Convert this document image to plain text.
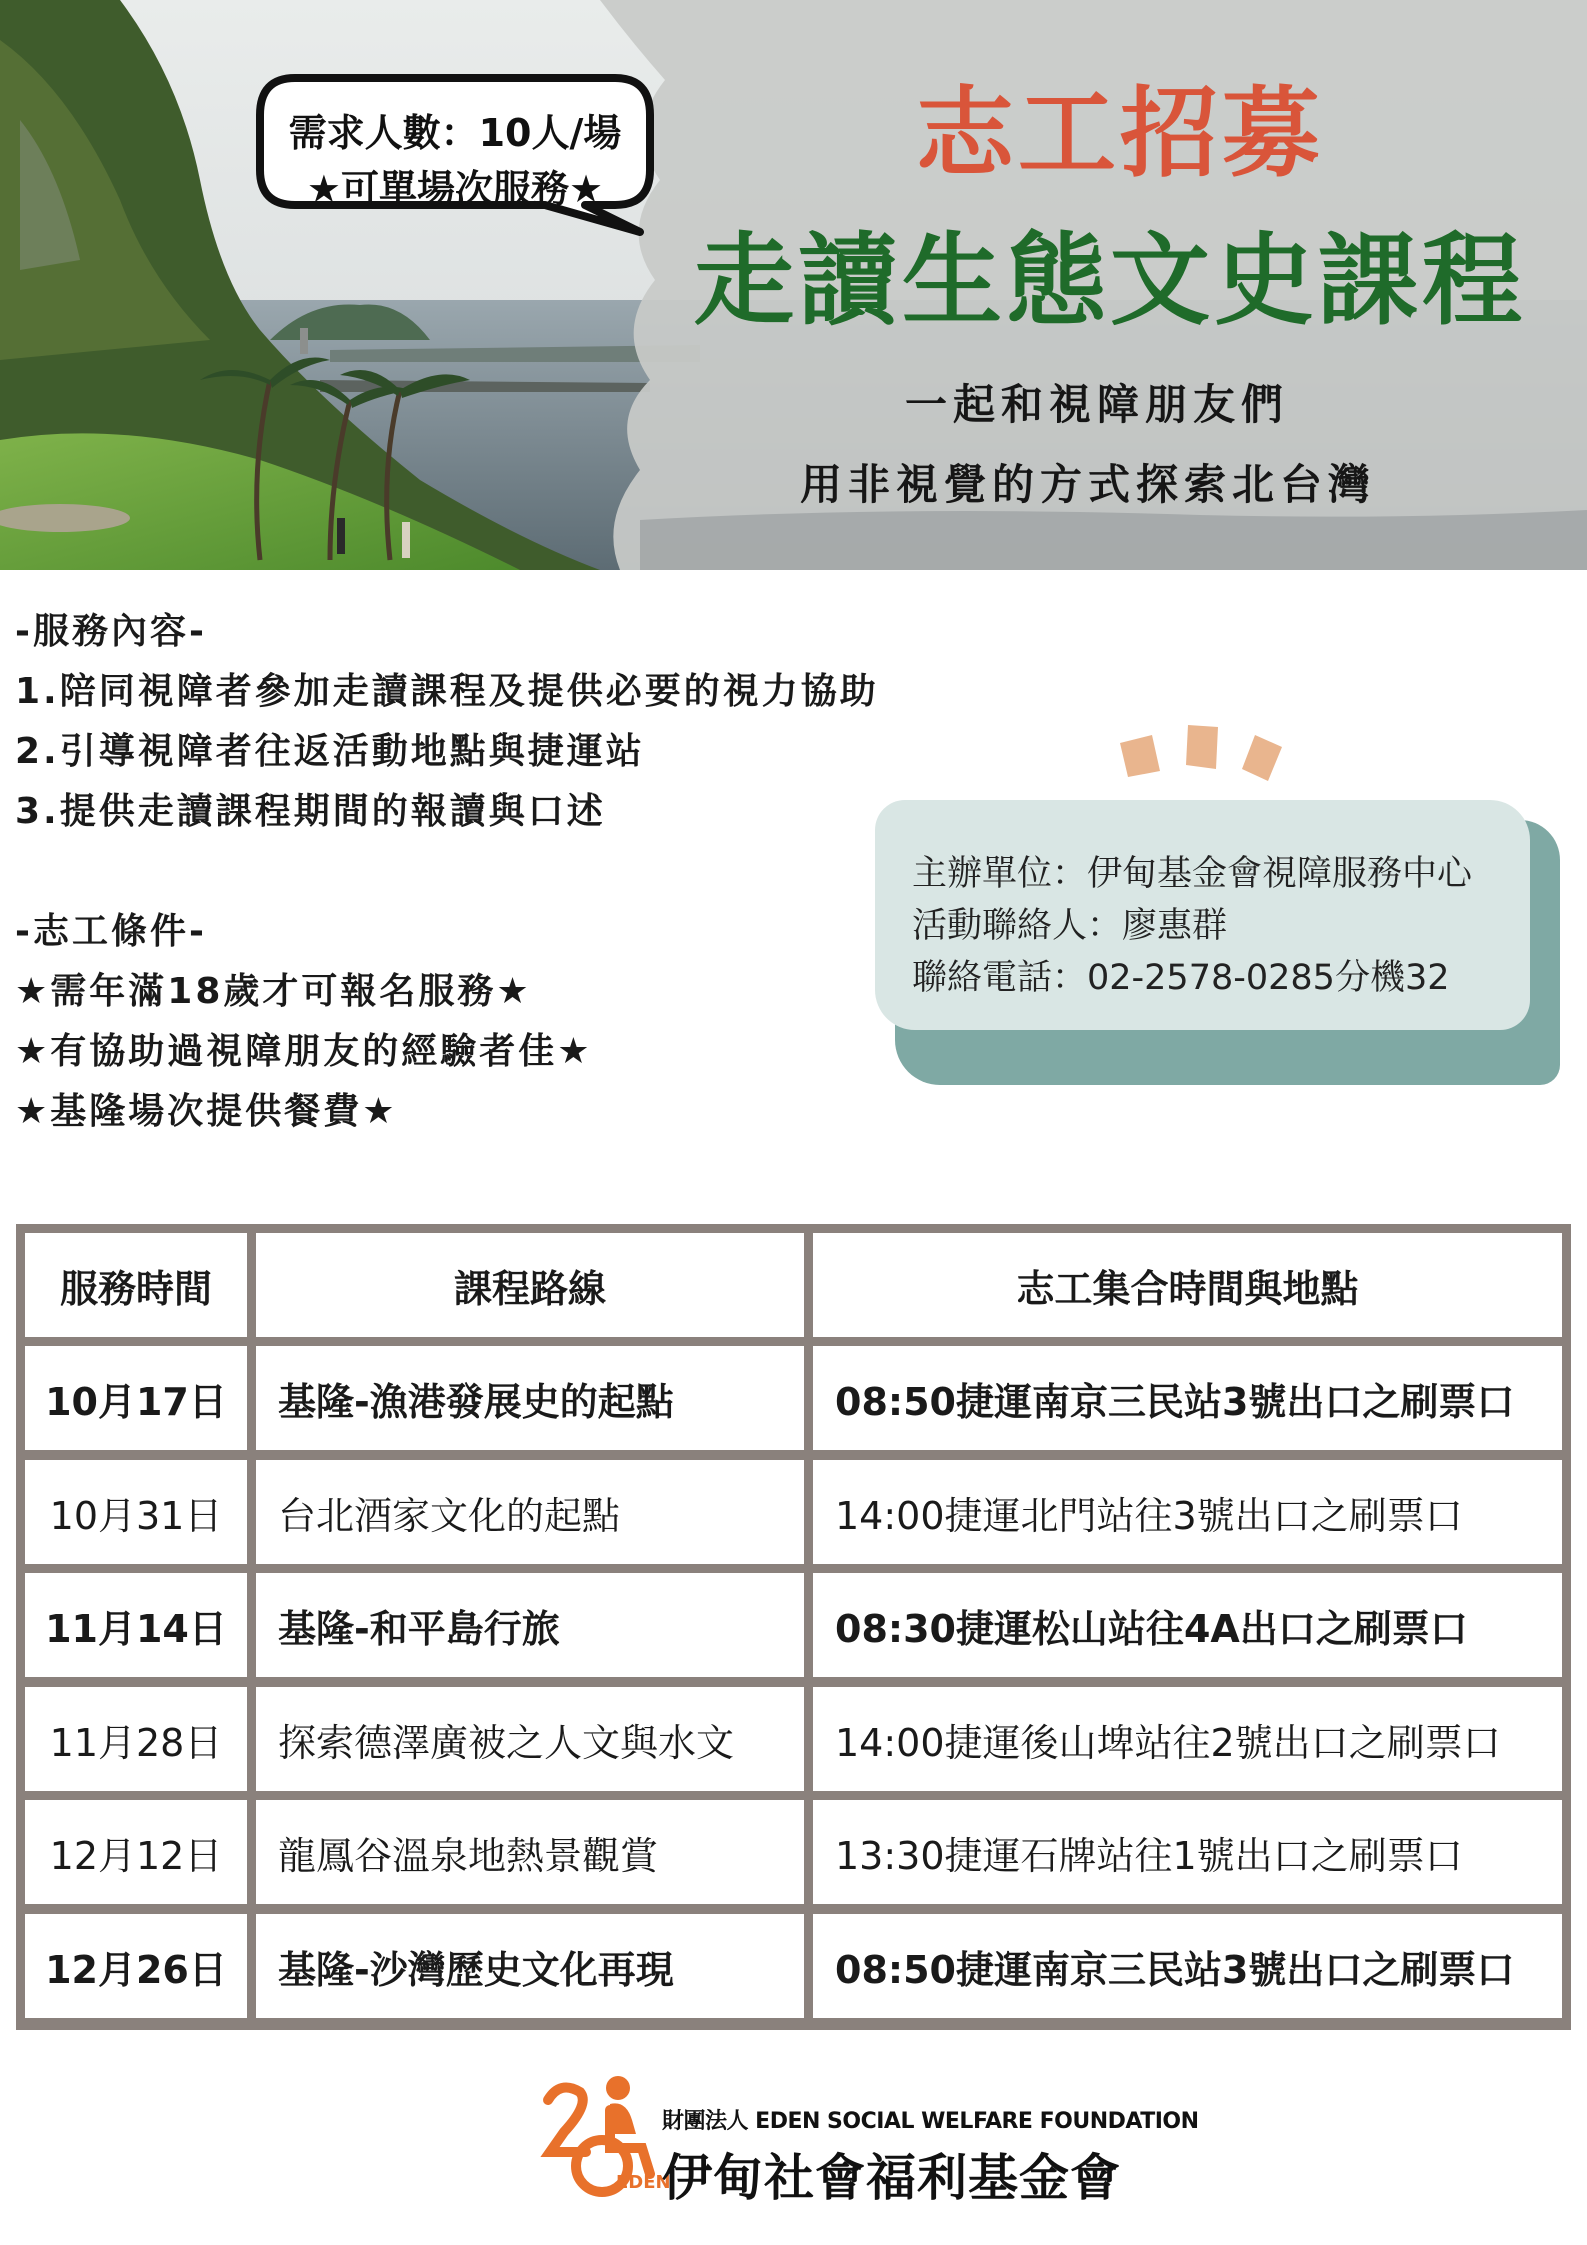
需求人數：10人/場
★可單場次服務★	志工招募
走讀生態文史課程
一起和視障朋友們
用非視覺的方式探索北台灣
-服務內容-
1.陪同視障者參加走讀課程及提供必要的視力協助
2.引導視障者往返活動地點與捷運站
3.提供走讀課程期間的報讀與口述
-志工條件-
★需年滿18歲才可報名服務★
★有協助過視障朋友的經驗者佳★
★基隆場次提供餐費★
主辦單位：伊甸基金會視障服務中心
活動聯絡人：廖惠群
聯絡電話：02-2578-0285分機32
服務時間	課程路線	志工集合時間與地點
10月17日	基隆-漁港發展史的起點	08:50捷運南京三民站3號出口之刷票口
10月31日	台北酒家文化的起點	14:00捷運北門站往3號出口之刷票口
11月14日	基隆-和平島行旅	08:30捷運松山站往4A出口之刷票口
11月28日	探索德澤廣被之人文與水文	14:00捷運後山埤站往2號出口之刷票口
12月12日	龍鳳谷溫泉地熱景觀賞	13:30捷運石牌站往1號出口之刷票口
12月26日	基隆-沙灣歷史文化再現	08:50捷運南京三民站3號出口之刷票口
EDEN
財團法人 EDEN SOCIAL WELFARE FOUNDATION
伊甸社會福利基金會
